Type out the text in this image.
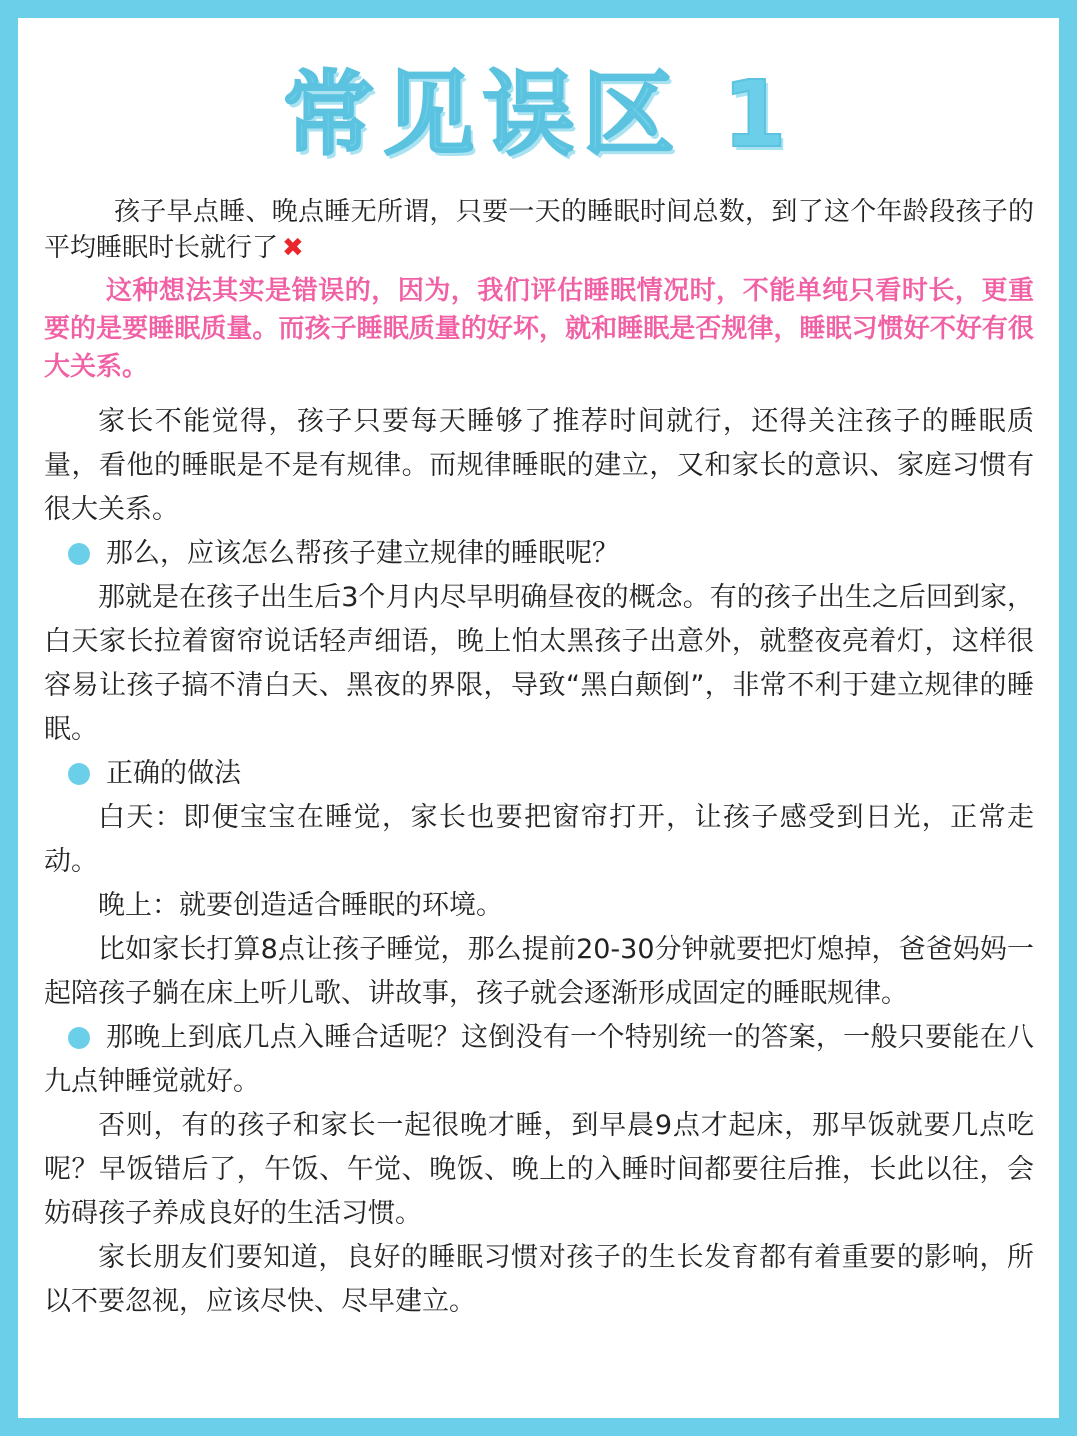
常见误区 1

孩子早点睡、晚点睡无所谓，只要一天的睡眠时间总数，到了这个年龄段孩子的平均睡眠时长就行了 ✖

这种想法其实是错误的，因为，我们评估睡眠情况时，不能单纯只看时长，更重要的是要睡眠质量。而孩子睡眠质量的好坏，就和睡眠是否规律，睡眠习惯好不好有很大关系。

家长不能觉得，孩子只要每天睡够了推荐时间就行，还得关注孩子的睡眠质量，看他的睡眠是不是有规律。而规律睡眠的建立，又和家长的意识、家庭习惯有很大关系。

那么，应该怎么帮孩子建立规律的睡眠呢？

那就是在孩子出生后3个月内尽早明确昼夜的概念。有的孩子出生之后回到家，白天家长拉着窗帘说话轻声细语，晚上怕太黑孩子出意外，就整夜亮着灯，这样很容易让孩子搞不清白天、黑夜的界限，导致“黑白颠倒”，非常不利于建立规律的睡眠。

正确的做法

白天：即便宝宝在睡觉，家长也要把窗帘打开，让孩子感受到日光，正常走动。

晚上：就要创造适合睡眠的环境。

比如家长打算8点让孩子睡觉，那么提前20-30分钟就要把灯熄掉，爸爸妈妈一起陪孩子躺在床上听儿歌、讲故事，孩子就会逐渐形成固定的睡眠规律。

那晚上到底几点入睡合适呢？这倒没有一个特别统一的答案，一般只要能在八九点钟睡觉就好。

否则，有的孩子和家长一起很晚才睡，到早晨9点才起床，那早饭就要几点吃呢？早饭错后了，午饭、午觉、晚饭、晚上的入睡时间都要往后推，长此以往，会妨碍孩子养成良好的生活习惯。

家长朋友们要知道，良好的睡眠习惯对孩子的生长发育都有着重要的影响，所以不要忽视，应该尽快、尽早建立。
